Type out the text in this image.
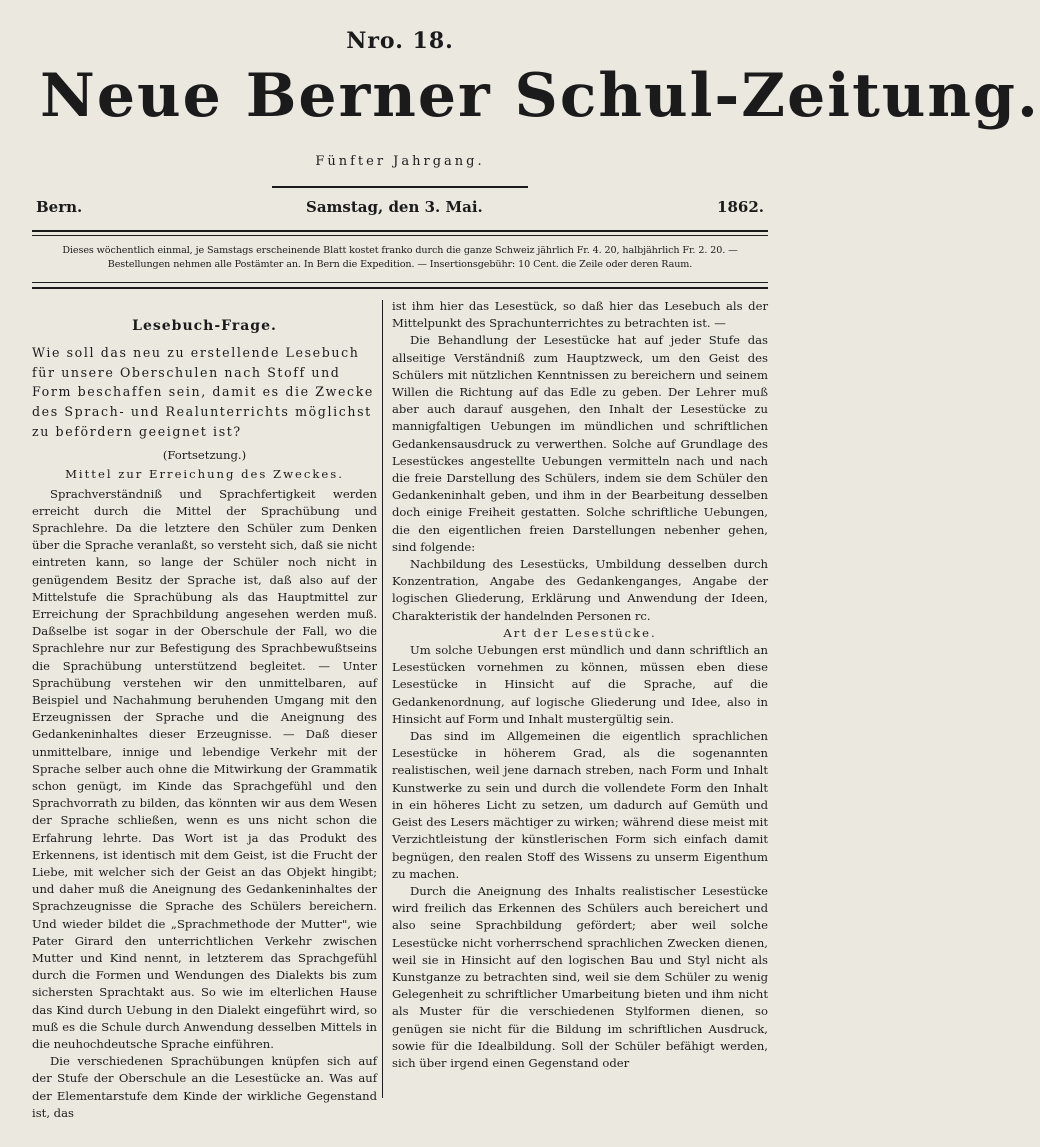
Nro. 18.
Neue Berner Schul-Zeitung.
Fünfter Jahrgang.
Bern.	Samstag, den 3. Mai.	1862.
Dieses wöchentlich einmal, je Samstags erscheinende Blatt kostet franko durch die ganze Schweiz jährlich Fr. 4. 20, halbjährlich Fr. 2. 20. —
Bestellungen nehmen alle Postämter an. In Bern die Expedition. — Insertionsgebühr: 10 Cent. die Zeile oder deren Raum.
Lesebuch-Frage.

Wie soll das neu zu erstellende Lesebuch für unsere Oberschulen nach Stoff und Form beschaffen sein, damit es die Zwecke des Sprach- und Realunterrichts möglichst zu befördern geeignet ist?

(Fortsetzung.)
Mittel zur Erreichung des Zweckes.

Sprachverständniß und Sprachfertigkeit werden erreicht durch die Mittel der Sprachübung und Sprachlehre. Da die letztere den Schüler zum Denken über die Sprache veranlaßt, so versteht sich, daß sie nicht eintreten kann, so lange der Schüler noch nicht in genügendem Besitz der Sprache ist, daß also auf der Mittelstufe die Sprachübung als das Hauptmittel zur Erreichung der Sprachbildung angesehen werden muß. Daßselbe ist sogar in der Oberschule der Fall, wo die Sprachlehre nur zur Befestigung des Sprachbewußtseins die Sprachübung unterstützend begleitet. — Unter Sprachübung verstehen wir den unmittelbaren, auf Beispiel und Nachahmung beruhenden Umgang mit den Erzeugnissen der Sprache und die Aneignung des Gedankeninhaltes dieser Erzeugnisse. — Daß dieser unmittelbare, innige und lebendige Verkehr mit der Sprache selber auch ohne die Mitwirkung der Grammatik schon genügt, im Kinde das Sprachgefühl und den Sprachvorrath zu bilden, das könnten wir aus dem Wesen der Sprache schließen, wenn es uns nicht schon die Erfahrung lehrte. Das Wort ist ja das Produkt des Erkennens, ist identisch mit dem Geist, ist die Frucht der Liebe, mit welcher sich der Geist an das Objekt hingibt; und daher muß die Aneignung des Gedankeninhaltes der Sprachzeugnisse die Sprache des Schülers bereichern. Und wieder bildet die „Sprachmethode der Mutter", wie Pater Girard den unterrichtlichen Verkehr zwischen Mutter und Kind nennt, in letzterem das Sprachgefühl durch die Formen und Wendungen des Dialekts bis zum sichersten Sprachtakt aus. So wie im elterlichen Hause das Kind durch Uebung in den Dialekt eingeführt wird, so muß es die Schule durch Anwendung desselben Mittels in die neuhochdeutsche Sprache einführen.

Die verschiedenen Sprachübungen knüpfen sich auf der Stufe der Oberschule an die Lesestücke an. Was auf der Elementarstufe dem Kinde der wirkliche Gegenstand ist, das

ist ihm hier das Lesestück, so daß hier das Lesebuch als der Mittelpunkt des Sprachunterrichtes zu betrachten ist. —

Die Behandlung der Lesestücke hat auf jeder Stufe das allseitige Verständniß zum Hauptzweck, um den Geist des Schülers mit nützlichen Kenntnissen zu bereichern und seinem Willen die Richtung auf das Edle zu geben. Der Lehrer muß aber auch darauf ausgehen, den Inhalt der Lesestücke zu mannigfaltigen Uebungen im mündlichen und schriftlichen Gedankensausdruck zu verwerthen. Solche auf Grundlage des Lesestückes angestellte Uebungen vermitteln nach und nach die freie Darstellung des Schülers, indem sie dem Schüler den Gedankeninhalt geben, und ihm in der Bearbeitung desselben doch einige Freiheit gestatten. Solche schriftliche Uebungen, die den eigentlichen freien Darstellungen nebenher gehen, sind folgende:

Nachbildung des Lesestücks, Umbildung desselben durch Konzentration, Angabe des Gedankenganges, Angabe der logischen Gliederung, Erklärung und Anwendung der Ideen, Charakteristik der handelnden Personen rc.

Art der Lesestücke.

Um solche Uebungen erst mündlich und dann schriftlich an Lesestücken vornehmen zu können, müssen eben diese Lesestücke in Hinsicht auf die Sprache, auf die Gedankenordnung, auf logische Gliederung und Idee, also in Hinsicht auf Form und Inhalt mustergültig sein.

Das sind im Allgemeinen die eigentlich sprachlichen Lesestücke in höherem Grad, als die sogenannten realistischen, weil jene darnach streben, nach Form und Inhalt Kunstwerke zu sein und durch die vollendete Form den Inhalt in ein höheres Licht zu setzen, um dadurch auf Gemüth und Geist des Lesers mächtiger zu wirken; während diese meist mit Verzichtleistung der künstlerischen Form sich einfach damit begnügen, den realen Stoff des Wissens zu unserm Eigenthum zu machen.

Durch die Aneignung des Inhalts realistischer Lesestücke wird freilich das Erkennen des Schülers auch bereichert und also seine Sprachbildung gefördert; aber weil solche Lesestücke nicht vorherrschend sprachlichen Zwecken dienen, weil sie in Hinsicht auf den logischen Bau und Styl nicht als Kunstganze zu betrachten sind, weil sie dem Schüler zu wenig Gelegenheit zu schriftlicher Umarbeitung bieten und ihm nicht als Muster für die verschiedenen Stylformen dienen, so genügen sie nicht für die Bildung im schriftlichen Ausdruck, sowie für die Idealbildung. Soll der Schüler befähigt werden, sich über irgend einen Gegenstand oder
